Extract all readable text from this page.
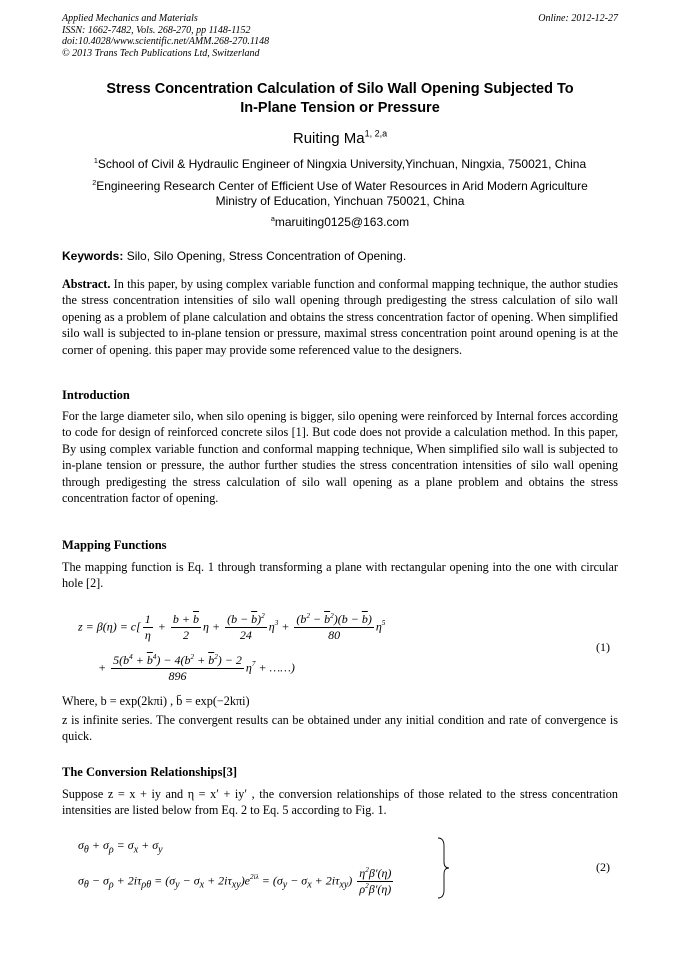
Applied Mechanics and Materials
ISSN: 1662-7482, Vols. 268-270, pp 1148-1152
doi:10.4028/www.scientific.net/AMM.268-270.1148
© 2013 Trans Tech Publications Ltd, Switzerland
Online: 2012-12-27
Stress Concentration Calculation of Silo Wall Opening Subjected To
In-Plane Tension or Pressure
Ruiting Ma$^{1, 2,a}$
$^1$School of Civil & Hydraulic Engineer of Ningxia University,Yinchuan, Ningxia, 750021, China
$^2$Engineering Research Center of Efficient Use of Water Resources in Arid Modern Agriculture
Ministry of Education, Yinchuan 750021, China
$^a$maruiting0125@163.com
Keywords: Silo, Silo Opening, Stress Concentration of Opening.
Abstract. In this paper, by using complex variable function and conformal mapping technique, the author studies the stress concentration intensities of silo wall opening through predigesting the stress calculation of silo wall opening as a problem of plane calculation and obtains the stress concentration factor of opening. When simplified silo wall is subjected to in-plane tension or pressure, maximal stress concentration point around opening is at the corner of opening. this paper may provide some referenced value to the designers.
Introduction
For the large diameter silo, when silo opening is bigger, silo opening were reinforced by Internal forces according to code for design of reinforced concrete silos [1]. But code does not provide a calculation method. In this paper, By using complex variable function and conformal mapping technique, When simplified silo wall is subjected to in-plane tension or pressure, the author further studies the stress concentration intensities of silo wall opening through predigesting the stress calculation of silo wall opening as a plane problem and obtains the stress concentration factor of opening.
Mapping Functions
The mapping function is Eq. 1 through transforming a plane with rectangular opening into the one with circular hole [2].
$z = \beta(\eta) = c[ \frac{1}{\eta} + \frac{b + \overline{b}}{2}$ $\eta + \frac{(b - \overline{b})^2}{24} \eta^3 + \frac{(b^2 - \overline{b}^2)(b - \overline{b})}{80} \eta^5$
+ $\frac{5(b^4 + \overline{b}^4) - 4(b^2 + \overline{b}^2) - 2}{896} \eta^7$ + ……)
(1)
Where, b = exp(2kπi) , b̄ = exp(−2kπi)
z is infinite series. The convergent results can be obtained under any initial condition and rate of convergence is quick.
The Conversion Relationships[3]
Suppose z = x + iy and η = x′ + iy′ , the conversion relationships of those related to the stress concentration intensities are listed below from Eq. 2 to Eq. 5 according to Fig. 1.
$\sigma_\theta + \sigma_\rho = \sigma_x + \sigma_y$
$\sigma_\theta - \sigma_\rho + 2i\tau_{\rho\theta} = (\sigma_y - \sigma_x + 2i\tau_{xy})e^{2i\lambda} = (\sigma_y - \sigma_x + 2i\tau_{xy}) \frac{\eta^2\beta'(\eta)}{\rho^2\overline{\beta}'(\eta)}$	(2)
